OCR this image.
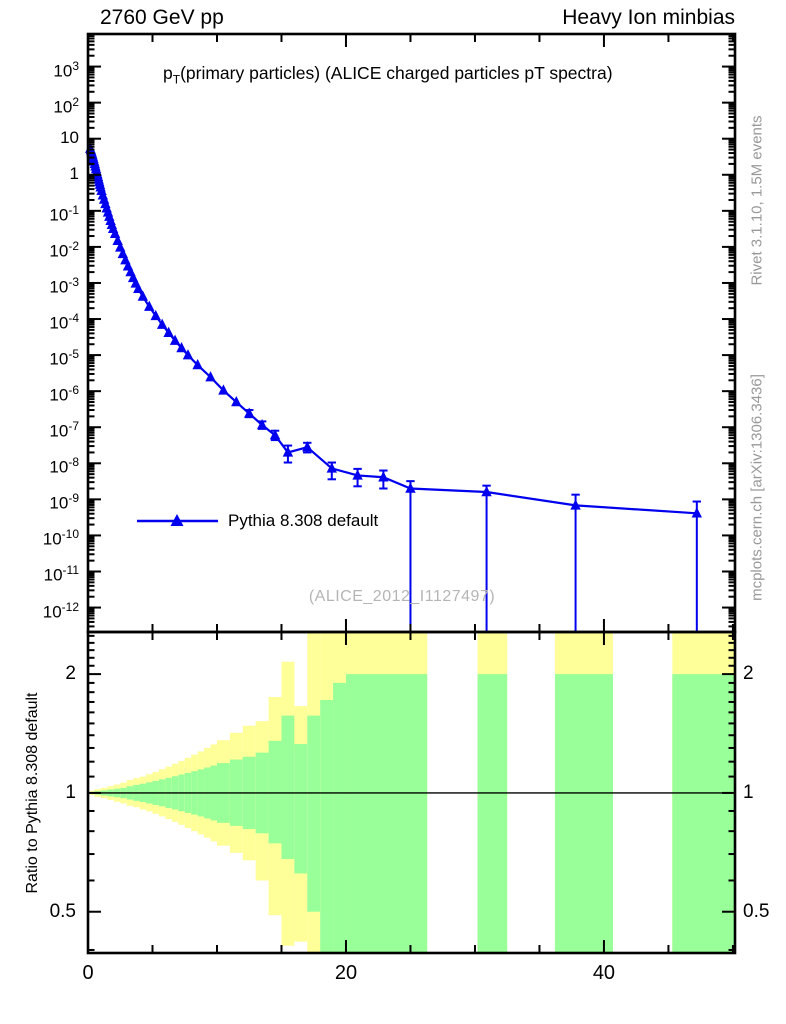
2760 GeV pp	Heavy Ion minbias
$p_T(primary$ particles) (ALICE charged particles pT spectra)
$10^3$
$10^2$
10
1
$10^{-1}$
$10^{-2}$
$10^{-3}$
$10^{-4}$
$10^{-5}$
$10^{-6}$
$10^{-7}$
$10^{-8}$
$10^{-9}$
$10^{-10}$
$10^{-11}$
$10^{-12}$
2
1
0.5
2
1
0.5
0	20	40
Pythia 8.308 default
(ALICE_2012_I1127497)
Ratio to Pythia 8.308 default
Rivet 3.1.10, 1.5M events
mcplots.cern.ch [arXiv:1306.3436]
